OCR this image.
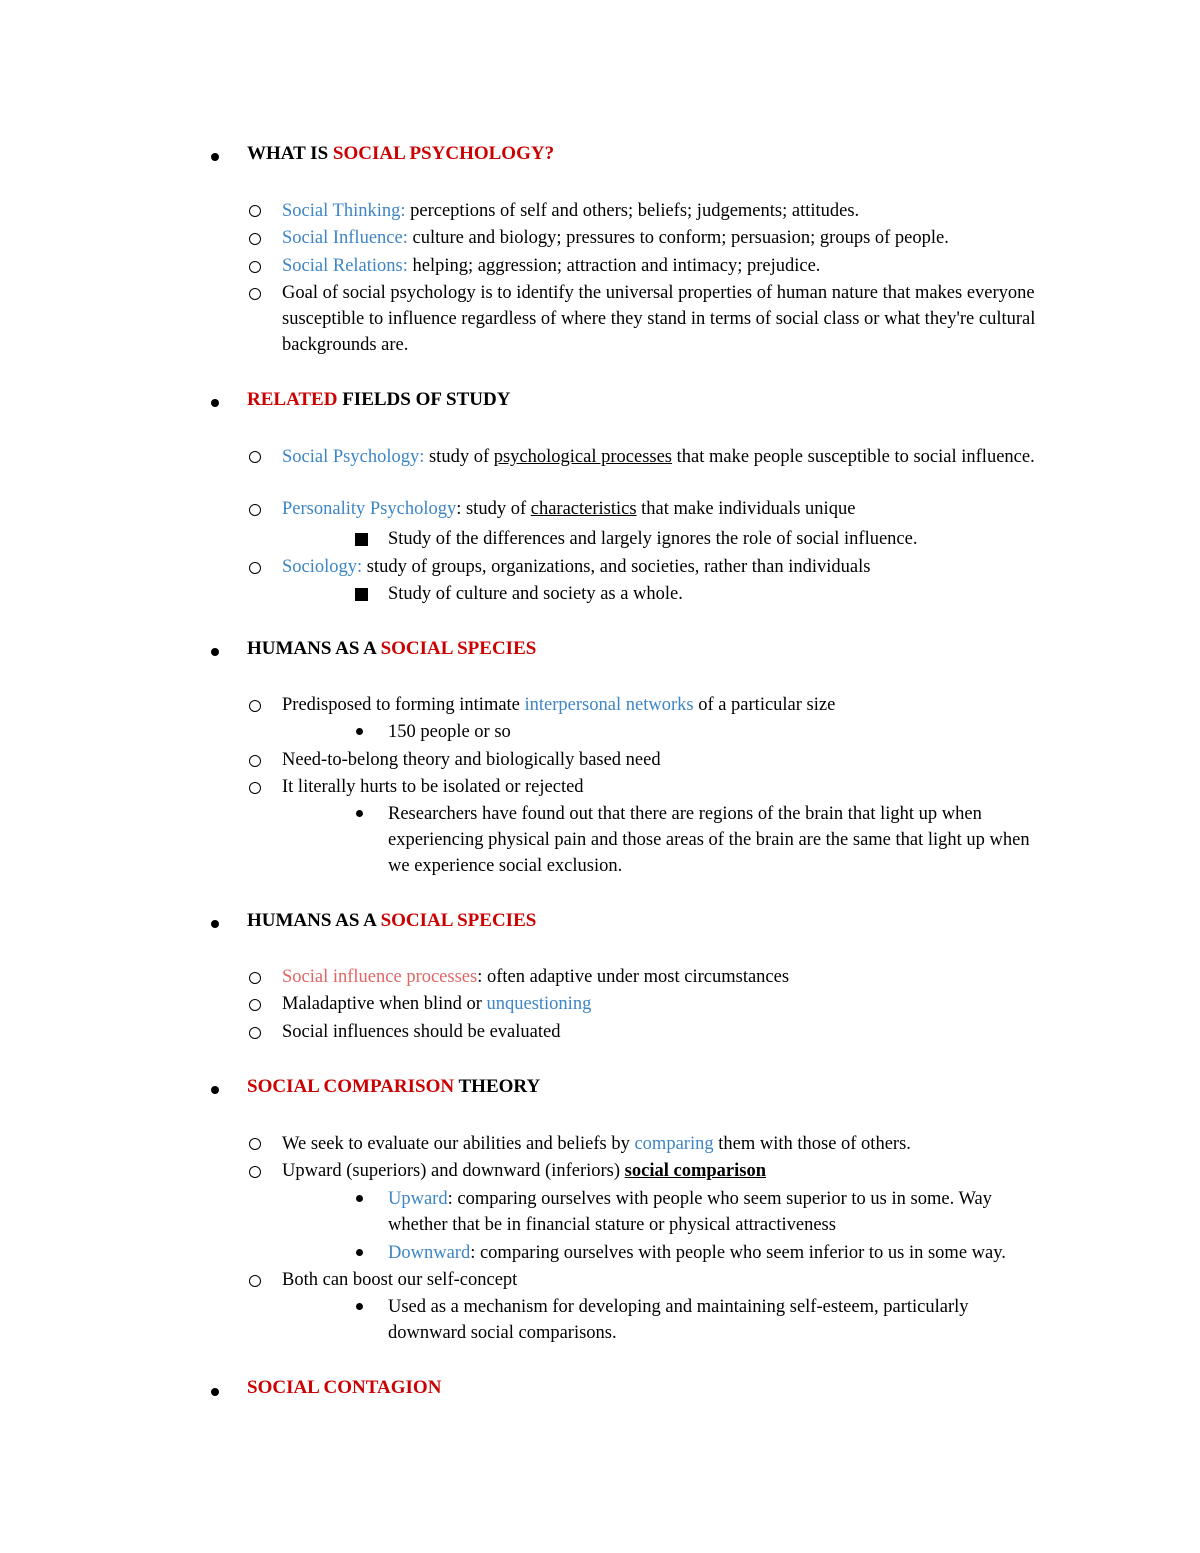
WHAT IS SOCIAL PSYCHOLOGY?
Social Thinking: perceptions of self and others; beliefs; judgements; attitudes.
Social Influence: culture and biology; pressures to conform; persuasion; groups of people.
Social Relations: helping; aggression; attraction and intimacy; prejudice.
Goal of social psychology is to identify the universal properties of human nature that makes everyone susceptible to influence regardless of where they stand in terms of social class or what they're cultural backgrounds are.
RELATED FIELDS OF STUDY
Social Psychology: study of psychological processes that make people susceptible to social influence.
Personality Psychology: study of characteristics that make individuals unique
Study of the differences and largely ignores the role of social influence.
Sociology: study of groups, organizations, and societies, rather than individuals
Study of culture and society as a whole.
HUMANS AS A SOCIAL SPECIES
Predisposed to forming intimate interpersonal networks of a particular size
150 people or so
Need-to-belong theory and biologically based need
It literally hurts to be isolated or rejected
Researchers have found out that there are regions of the brain that light up when experiencing physical pain and those areas of the brain are the same that light up when we experience social exclusion.
HUMANS AS A SOCIAL SPECIES
Social influence processes: often adaptive under most circumstances
Maladaptive when blind or unquestioning
Social influences should be evaluated
SOCIAL COMPARISON THEORY
We seek to evaluate our abilities and beliefs by comparing them with those of others.
Upward (superiors) and downward (inferiors) social comparison
Upward: comparing ourselves with people who seem superior to us in some. Way whether that be in financial stature or physical attractiveness
Downward: comparing ourselves with people who seem inferior to us in some way.
Both can boost our self-concept
Used as a mechanism for developing and maintaining self-esteem, particularly downward social comparisons.
SOCIAL CONTAGION
